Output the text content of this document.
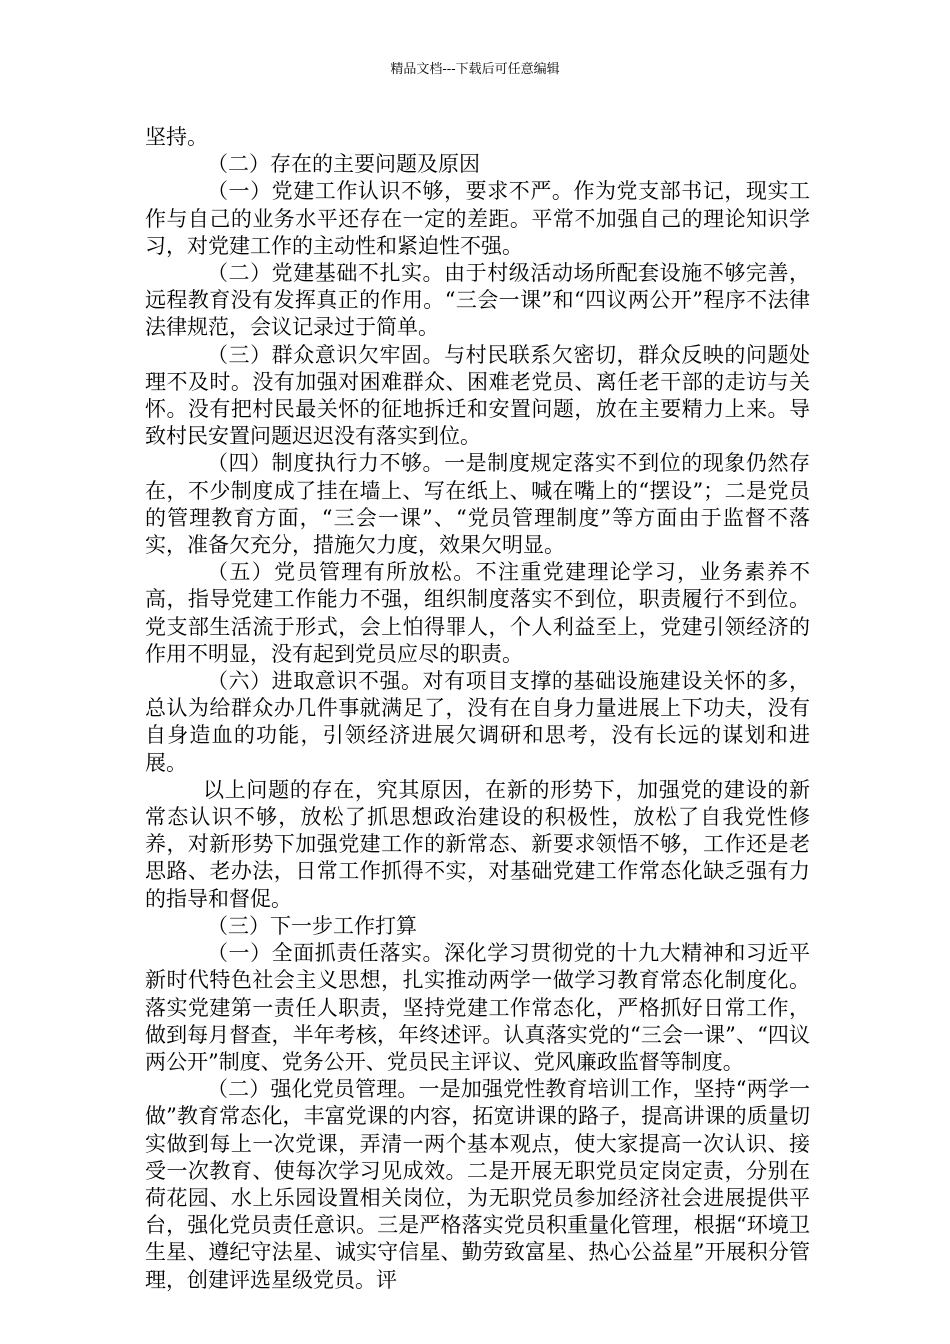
精品文档---下载后可任意编辑

坚持。

（二）存在的主要问题及原因

（一）党建工作认识不够，要求不严。作为党支部书记，现实工作与自己的业务水平还存在一定的差距。平常不加强自己的理论知识学习，对党建工作的主动性和紧迫性不强。

（二）党建基础不扎实。由于村级活动场所配套设施不够完善，远程教育没有发挥真正的作用。“三会一课”和“四议两公开”程序不法律法律规范，会议记录过于简单。

（三）群众意识欠牢固。与村民联系欠密切，群众反映的问题处理不及时。没有加强对困难群众、困难老党员、离任老干部的走访与关怀。没有把村民最关怀的征地拆迁和安置问题，放在主要精力上来。导致村民安置问题迟迟没有落实到位。

（四）制度执行力不够。一是制度规定落实不到位的现象仍然存在，不少制度成了挂在墙上、写在纸上、喊在嘴上的“摆设”；二是党员的管理教育方面，“三会一课”、“党员管理制度”等方面由于监督不落实，准备欠充分，措施欠力度，效果欠明显。

（五）党员管理有所放松。不注重党建理论学习，业务素养不高，指导党建工作能力不强，组织制度落实不到位，职责履行不到位。党支部生活流于形式，会上怕得罪人，个人利益至上，党建引领经济的作用不明显，没有起到党员应尽的职责。

（六）进取意识不强。对有项目支撑的基础设施建设关怀的多，总认为给群众办几件事就满足了，没有在自身力量进展上下功夫，没有自身造血的功能，引领经济进展欠调研和思考，没有长远的谋划和进展。

以上问题的存在，究其原因，在新的形势下，加强党的建设的新常态认识不够，放松了抓思想政治建设的积极性，放松了自我党性修养，对新形势下加强党建工作的新常态、新要求领悟不够，工作还是老思路、老办法，日常工作抓得不实，对基础党建工作常态化缺乏强有力的指导和督促。

（三）下一步工作打算

（一）全面抓责任落实。深化学习贯彻党的十九大精神和习近平新时代特色社会主义思想，扎实推动两学一做学习教育常态化制度化。落实党建第一责任人职责，坚持党建工作常态化，严格抓好日常工作，做到每月督查，半年考核，年终述评。认真落实党的“三会一课”、“四议两公开”制度、党务公开、党员民主评议、党风廉政监督等制度。

（二）强化党员管理。一是加强党性教育培训工作，坚持“两学一做”教育常态化，丰富党课的内容，拓宽讲课的路子，提高讲课的质量切实做到每上一次党课，弄清一两个基本观点，使大家提高一次认识、接受一次教育、使每次学习见成效。二是开展无职党员定岗定责，分别在荷花园、水上乐园设置相关岗位，为无职党员参加经济社会进展提供平台，强化党员责任意识。三是严格落实党员积重量化管理，根据“环境卫生星、遵纪守法星、诚实守信星、勤劳致富星、热心公益星”开展积分管理，创建评选星级党员。评
